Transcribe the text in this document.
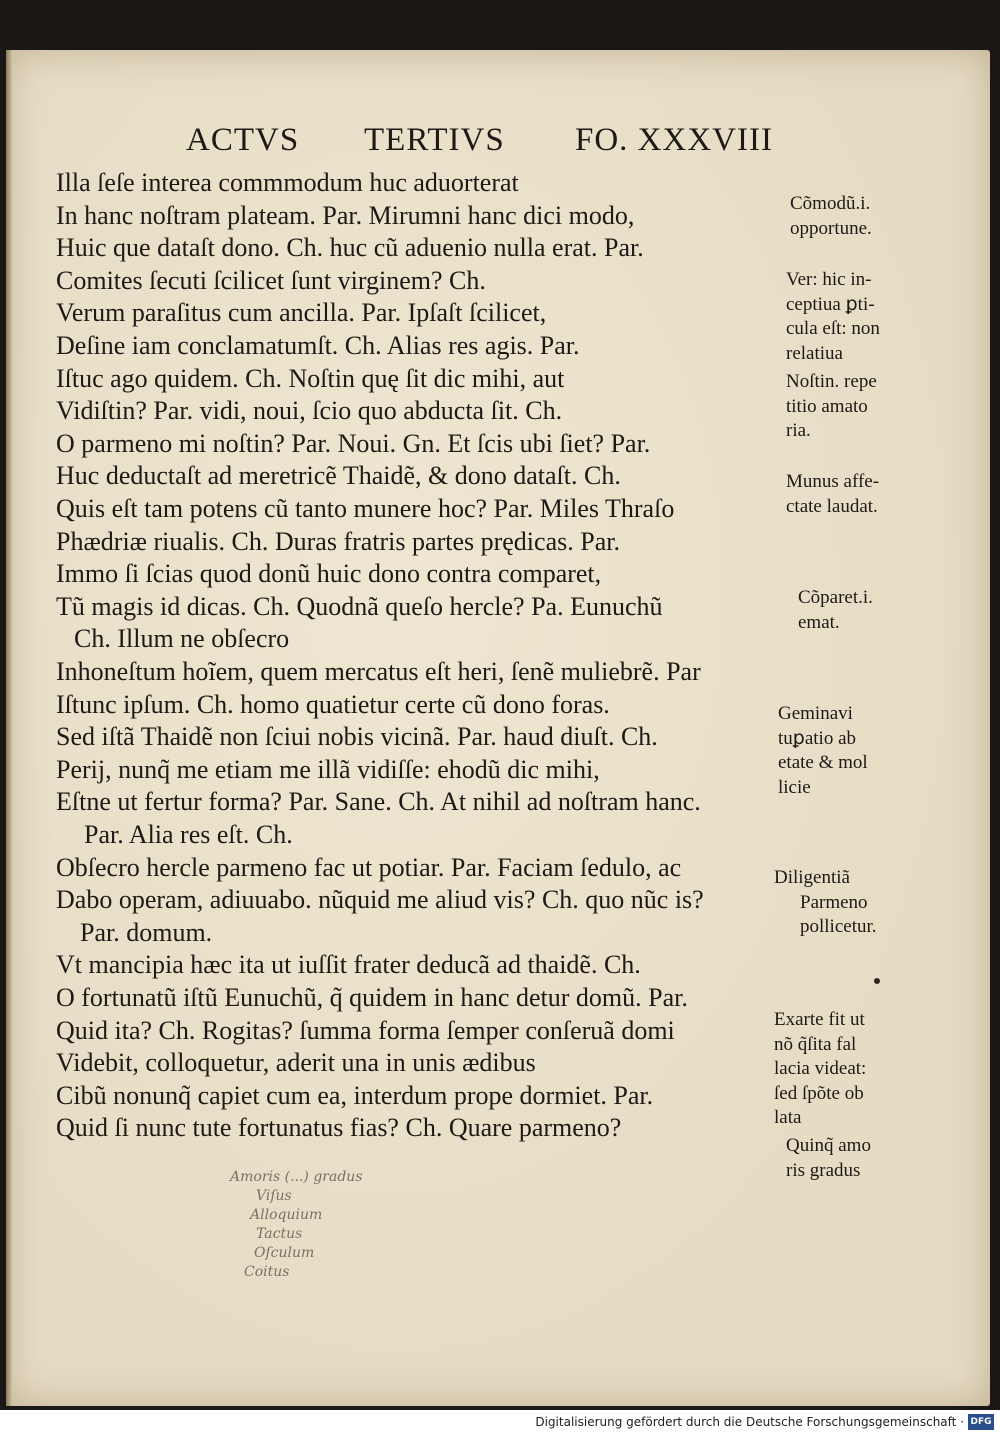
ACTVS TERTIVS FO. XXXVIII
Illa ſeſe interea commmodum huc aduorterat
In hanc noſtram plateam. Par. Mirumni hanc dici modo,
Huic que dataſt dono. Ch. huc cũ aduenio nulla erat. Par.
Comites ſecuti ſcilicet ſunt virginem? Ch.
Verum paraſitus cum ancilla. Par. Ipſaſt ſcilicet,
Deſine iam conclamatumſt. Ch. Alias res agis. Par.
Iſtuc ago quidem. Ch. Noſtin quę ſit dic mihi, aut
Vidiſtin? Par. vidi, noui, ſcio quo abducta ſit. Ch.
O parmeno mi noſtin? Par. Noui. Gn. Et ſcis ubi ſiet? Par.
Huc deductaſt ad meretricẽ Thaidẽ, & dono dataſt. Ch.
Quis eſt tam potens cũ tanto munere hoc? Par. Miles Thraſo
Phædriæ riualis. Ch. Duras fratris partes prędicas. Par.
Immo ſi ſcias quod donũ huic dono contra comparet,
Tũ magis id dicas. Ch. Quodnã queſo hercle? Pa. Eunuchũ
Ch. Illum ne obſecro
Inhoneſtum hoĩem, quem mercatus eſt heri, ſenẽ muliebrẽ. Par
Iſtunc ipſum. Ch. homo quatietur certe cũ dono foras.
Sed iſtã Thaidẽ non ſciui nobis vicinã. Par. haud diuſt. Ch.
Perij, nunq̃ me etiam me illã vidiſſe: ehodũ dic mihi,
Eſtne ut fertur forma? Par. Sane. Ch. At nihil ad noſtram hanc.
Par. Alia res eſt. Ch.
Obſecro hercle parmeno fac ut potiar. Par. Faciam ſedulo, ac
Dabo operam, adiuuabo. nũquid me aliud vis? Ch. quo nũc is?
Par. domum.
Vt mancipia hæc ita ut iuſſit frater deducã ad thaidẽ. Ch.
O fortunatũ iſtũ Eunuchũ, q̃ quidem in hanc detur domũ. Par.
Quid ita? Ch. Rogitas? ſumma forma ſemper conſeruã domi
Videbit, colloquetur, aderit una in unis ædibus
Cibũ nonunq̃ capiet cum ea, interdum prope dormiet. Par.
Quid ſi nunc tute fortunatus fias? Ch. Quare parmeno?
Cõmodũ.i.
opportune.
Ver: hic in-
ceptiua ꝑti-
cula eſt: non
relatiua
Noſtin. repe
titio amato
ria.
Munus affe-
ctate laudat.
Cõparet.i.
emat.
Geminavi
tuꝑatio ab
etate & mol
licie
Diligentiã
Parmeno
pollicetur.
Exarte fit ut
nõ q̃ſita fal
lacia videat:
ſed ſpõte ob
lata
Quinq̃ amo
ris gradus
Amoris (...) gradus
Viſus
Alloquium
Tactus
Oſculum
Coitus
Digitalisierung gefördert durch die Deutsche Forschungsgemeinschaft · DFG
